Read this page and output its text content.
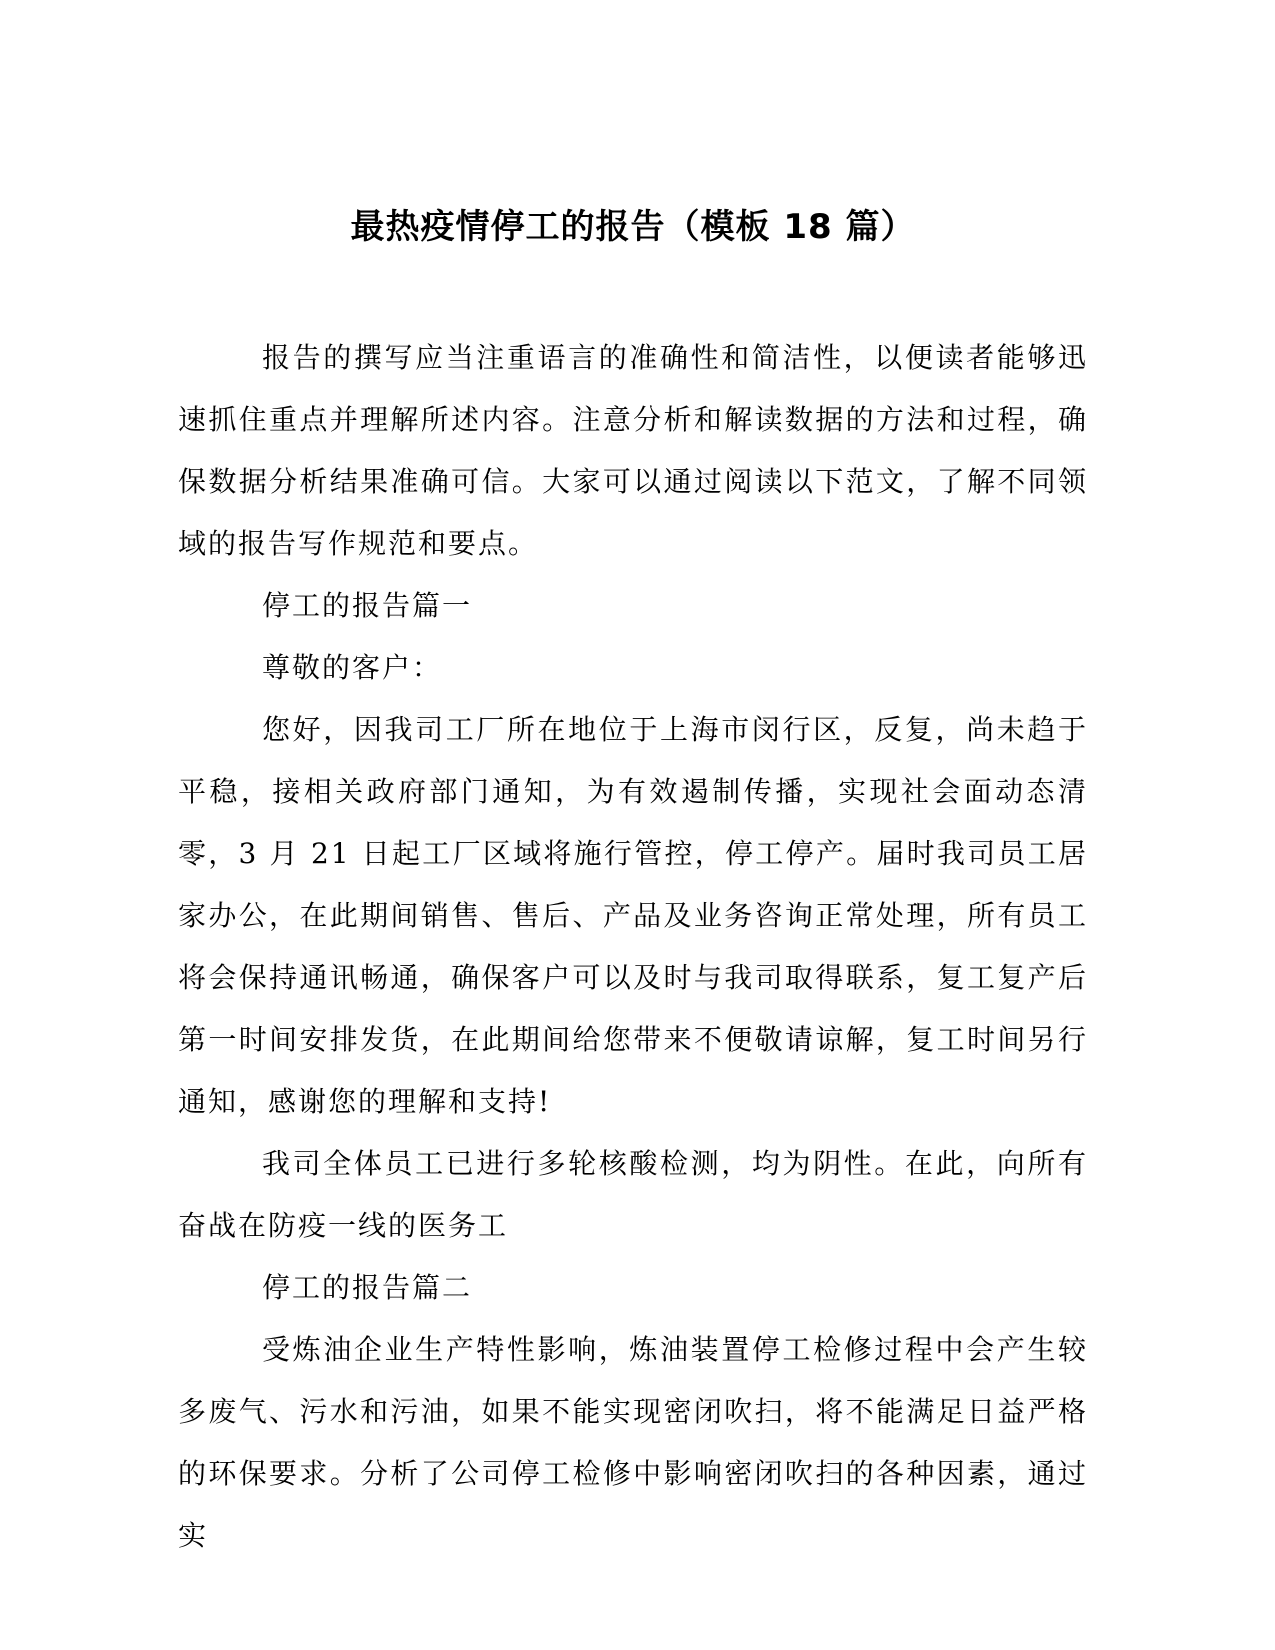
最热疫情停工的报告（模板 18 篇）

报告的撰写应当注重语言的准确性和简洁性，以便读者能够迅速抓住重点并理解所述内容。注意分析和解读数据的方法和过程，确保数据分析结果准确可信。大家可以通过阅读以下范文，了解不同领域的报告写作规范和要点。

停工的报告篇一

尊敬的客户：

您好，因我司工厂所在地位于上海市闵行区，反复，尚未趋于平稳，接相关政府部门通知，为有效遏制传播，实现社会面动态清零，3 月 21 日起工厂区域将施行管控，停工停产。届时我司员工居家办公，在此期间销售、售后、产品及业务咨询正常处理，所有员工将会保持通讯畅通，确保客户可以及时与我司取得联系，复工复产后第一时间安排发货，在此期间给您带来不便敬请谅解，复工时间另行通知，感谢您的理解和支持!

我司全体员工已进行多轮核酸检测，均为阴性。在此，向所有奋战在防疫一线的医务工

停工的报告篇二

受炼油企业生产特性影响，炼油装置停工检修过程中会产生较多废气、污水和污油，如果不能实现密闭吹扫，将不能满足日益严格的环保要求。分析了公司停工检修中影响密闭吹扫的各种因素，通过实
